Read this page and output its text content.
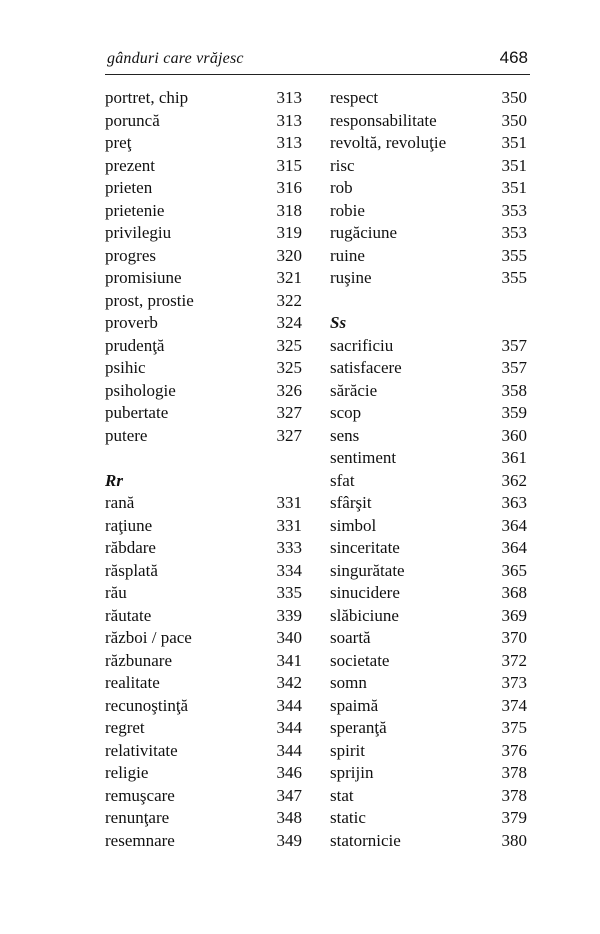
gânduri care vrăjesc	468
portret, chip	313
poruncă	313
preţ	313
prezent	315
prieten	316
prietenie	318
privilegiu	319
progres	320
promisiune	321
prost, prostie	322
proverb	324
prudenţă	325
psihic	325
psihologie	326
pubertate	327
putere	327
Rr
rană	331
raţiune	331
răbdare	333
răsplată	334
rău	335
răutate	339
război / pace	340
răzbunare	341
realitate	342
recunoştinţă	344
regret	344
relativitate	344
religie	346
remuşcare	347
renunţare	348
resemnare	349
respect	350
responsabilitate	350
revoltă, revoluţie	351
risc	351
rob	351
robie	353
rugăciune	353
ruine	355
ruşine	355
Ss
sacrificiu	357
satisfacere	357
sărăcie	358
scop	359
sens	360
sentiment	361
sfat	362
sfârşit	363
simbol	364
sinceritate	364
singurătate	365
sinucidere	368
slăbiciune	369
soartă	370
societate	372
somn	373
spaimă	374
speranţă	375
spirit	376
sprijin	378
stat	378
static	379
statornicie	380
